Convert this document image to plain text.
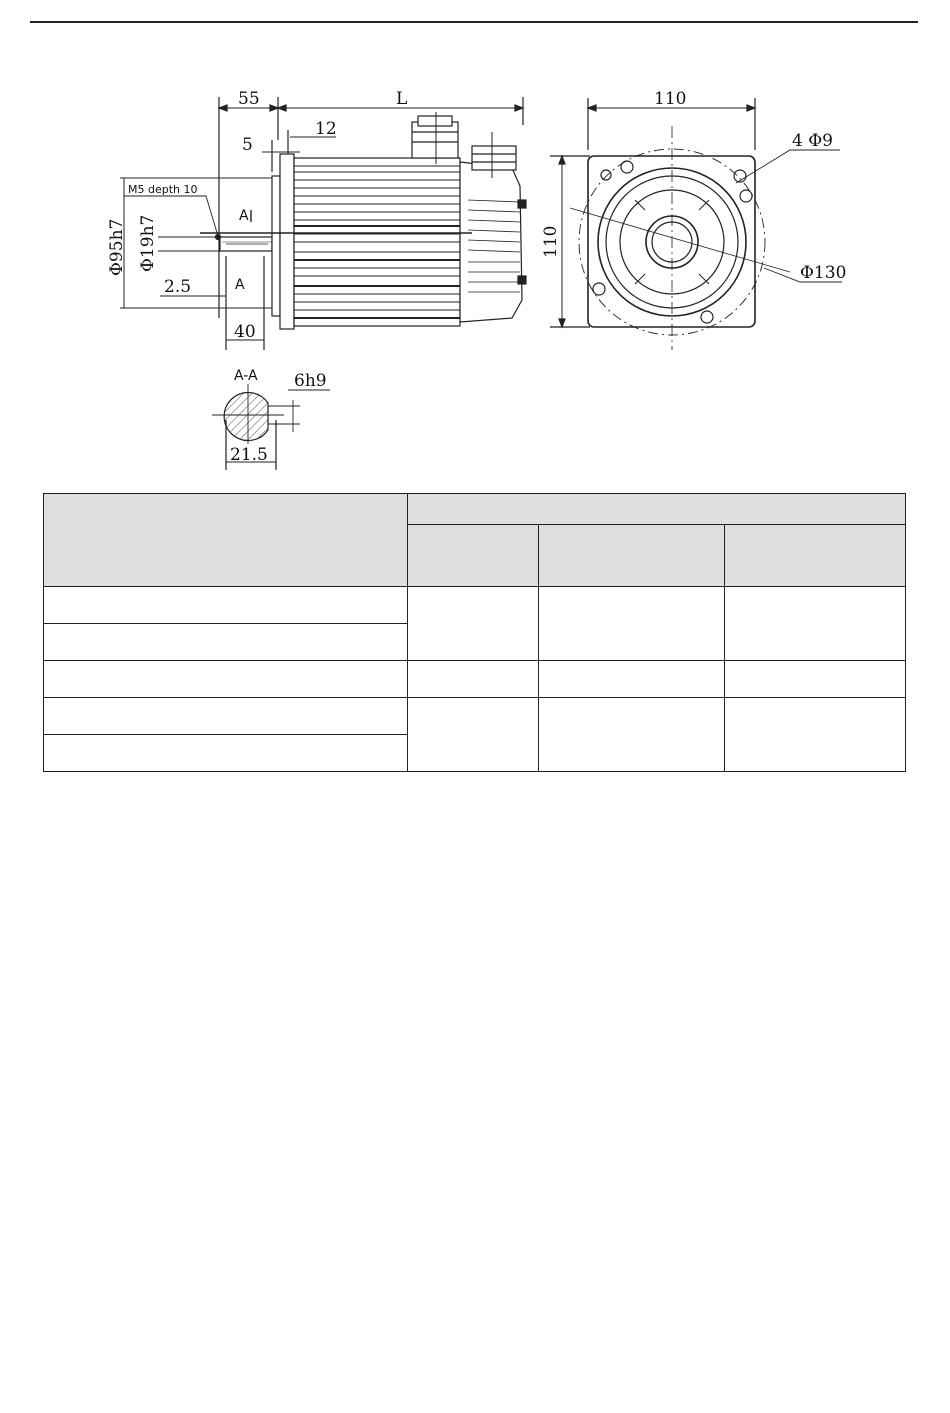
55	L
5
12
Φ95h7 Φ19h7
M5 depth 10
A
A
2.5
40
A-A 6h9
21.5
110
110
4 Φ9
Φ130
